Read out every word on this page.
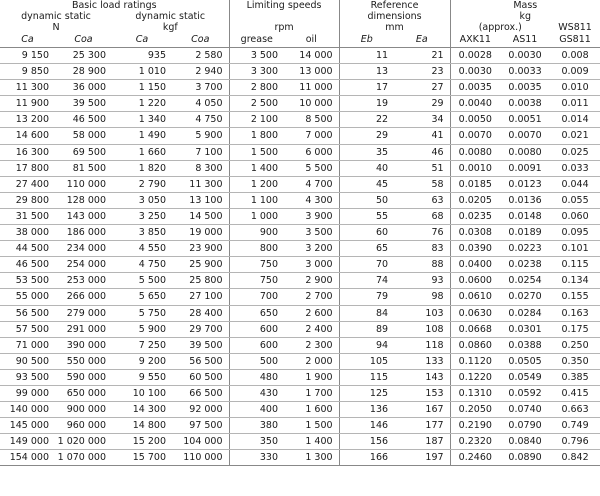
Basic load ratings				Limiting speeds		Reference		Mass		
dynamic static		dynamic static				dimensions		kg		
N		kgf		rpm		mm		(approx.)		WS811
Ca	Coa	Ca	Coa	grease	oil	Eb	Ea	AXK11	AS11	GS811
9 150	25 300	935	2 580	3 500	14 000	11	21	0.0028	0.0030	0.008
9 850	28 900	1 010	2 940	3 300	13 000	13	23	0.0030	0.0033	0.009
11 300	36 000	1 150	3 700	2 800	11 000	17	27	0.0035	0.0035	0.010
11 900	39 500	1 220	4 050	2 500	10 000	19	29	0.0040	0.0038	0.011
13 200	46 500	1 340	4 750	2 100	8 500	22	34	0.0050	0.0051	0.014
14 600	58 000	1 490	5 900	1 800	7 000	29	41	0.0070	0.0070	0.021
16 300	69 500	1 660	7 100	1 500	6 000	35	46	0.0080	0.0080	0.025
17 800	81 500	1 820	8 300	1 400	5 500	40	51	0.0010	0.0091	0.033
27 400	110 000	2 790	11 300	1 200	4 700	45	58	0.0185	0.0123	0.044
29 800	128 000	3 050	13 100	1 100	4 300	50	63	0.0205	0.0136	0.055
31 500	143 000	3 250	14 500	1 000	3 900	55	68	0.0235	0.0148	0.060
38 000	186 000	3 850	19 000	900	3 500	60	76	0.0308	0.0189	0.095
44 500	234 000	4 550	23 900	800	3 200	65	83	0.0390	0.0223	0.101
46 500	254 000	4 750	25 900	750	3 000	70	88	0.0400	0.0238	0.115
53 500	253 000	5 500	25 800	750	2 900	74	93	0.0600	0.0254	0.134
55 000	266 000	5 650	27 100	700	2 700	79	98	0.0610	0.0270	0.155
56 500	279 000	5 750	28 400	650	2 600	84	103	0.0630	0.0284	0.163
57 500	291 000	5 900	29 700	600	2 400	89	108	0.0668	0.0301	0.175
71 000	390 000	7 250	39 500	600	2 300	94	118	0.0860	0.0388	0.250
90 500	550 000	9 200	56 500	500	2 000	105	133	0.1120	0.0505	0.350
93 500	590 000	9 550	60 500	480	1 900	115	143	0.1220	0.0549	0.385
99 000	650 000	10 100	66 500	430	1 700	125	153	0.1310	0.0592	0.415
140 000	900 000	14 300	92 000	400	1 600	136	167	0.2050	0.0740	0.663
145 000	960 000	14 800	97 500	380	1 500	146	177	0.2190	0.0790	0.749
149 000	1 020 000	15 200	104 000	350	1 400	156	187	0.2320	0.0840	0.796
154 000	1 070 000	15 700	110 000	330	1 300	166	197	0.2460	0.0890	0.842
